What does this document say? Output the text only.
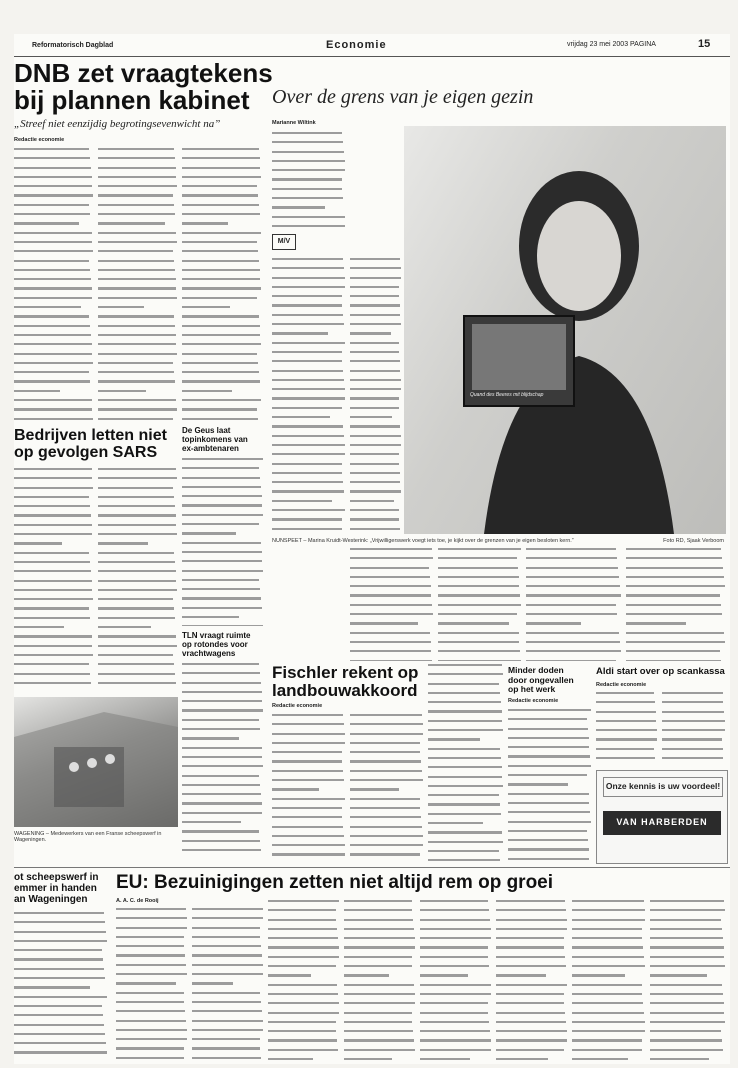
Reformatorisch Dagblad	Economie	vrijdag 23 mei 2003 PAGINA	15
DNB zet vraagtekens
bij plannen kabinet
„Streef niet eenzijdig begrotingsevenwicht na”
Redactie economie
Bedrijven letten niet
op gevolgen SARS
De Geus laat
topinkomens van
ex-ambtenaren
TLN vraagt ruimte
op rotondes voor
vrachtwagens
WAGENING – Medewerkers van een Franse scheepswerf in Wageningen.
Over de grens van je eigen gezin
Marianne Wiltink
M/V
Quand des Beeres mit blijdschap
NUNSPEET – Marina Kruidt-Westerink: „Vrijwilligerswerk voegt iets toe, je kijkt over de grenzen van je eigen besloten kern.”	Foto RD, Sjaak Verboom
Fischler rekent op
landbouwakkoord
Redactie economie
Minder doden
door ongevallen
op het werk
Redactie economie
Aldi start over op scankassa
Redactie economie
Onze kennis is uw voordeel!
VAN HARBERDEN
ot scheepswerf in
emmer in handen
an Wageningen
EU: Bezuinigingen zetten niet altijd rem op groei
A. A. C. de Rooij
